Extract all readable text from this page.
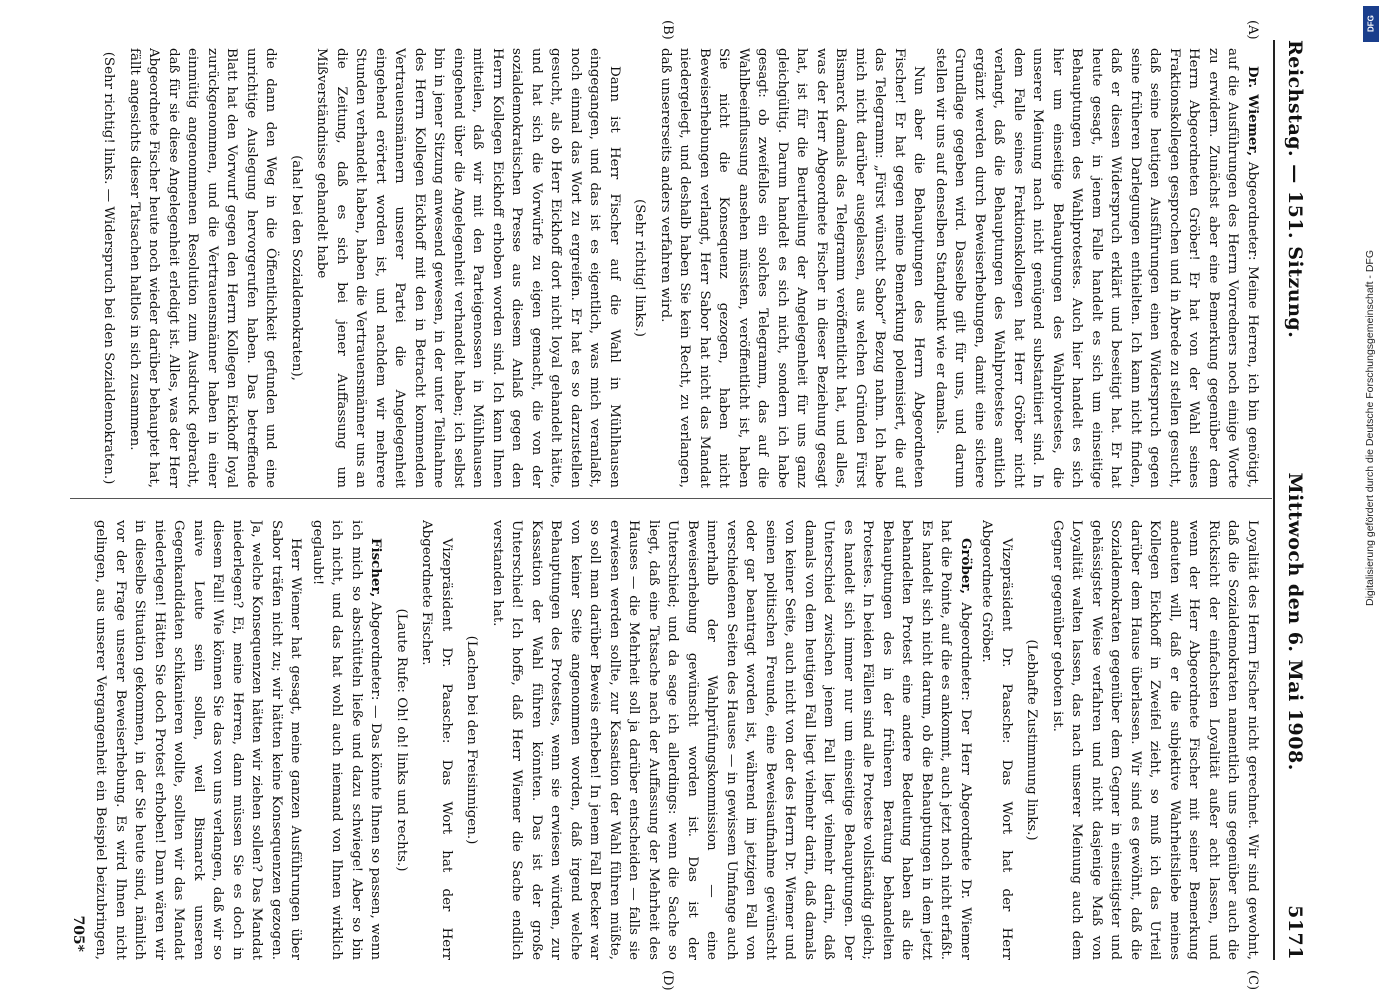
Reichstag. — 151. Sitzung.
Mittwoch den 6. Mai 1908.
5171
(A)
(B)
(C)
(D)

Dr. Wiemer, Abgeordneter: Meine Herren, ich bin genötigt, auf die Ausführungen des Herrn Vorredners noch einige Worte zu erwidern. Zunächst aber eine Bemerkung gegenüber dem Herrn Abgeordneten Gröber! Er hat von der Wahl seines Fraktionskollegen gesprochen und in Abrede zu stellen gesucht, daß seine heutigen Ausführungen einen Widerspruch gegen seine früheren Darlegungen enthielten. Ich kann nicht finden, daß er diesen Widerspruch erklärt und beseitigt hat. Er hat heute gesagt, in jenem Falle handelt es sich um einseitige Behauptungen des Wahlprotestes. Auch hier handelt es sich hier um einseitige Behauptungen des Wahlprotestes, die unserer Meinung nach nicht genügend substantiiert sind. In dem Falle seines Fraktionskollegen hat Herr Gröber nicht verlangt, daß die Behauptungen des Wahlprotestes amtlich ergänzt werden durch Beweiserhebungen, damit eine sichere Grundlage gegeben wird. Dasselbe gilt für uns, und darum stellen wir uns auf denselben Standpunkt wie er damals.

Nun aber die Behauptungen des Herrn Abgeordneten Fischer! Er hat gegen meine Bemerkung polemisiert, die auf das Telegramm: „Fürst wünscht Sabor“ Bezug nahm. Ich habe mich nicht darüber ausgelassen, aus welchen Gründen Fürst Bismarck damals das Telegramm veröffentlicht hat, und alles, was der Herr Abgeordnete Fischer in dieser Beziehung gesagt hat, ist für die Beurteilung der Angelegenheit für uns ganz gleichgültig. Darum handelt es sich nicht, sondern ich habe gesagt: ob zweifellos ein solches Telegramm, das auf die Wahlbeeinflussung ansehen müssten, veröffentlicht ist, haben Sie nicht die Konsequenz gezogen, haben nicht Beweiserhebungen verlangt, Herr Sabor hat nicht das Mandat niedergelegt, und deshalb haben Sie kein Recht, zu verlangen, daß unsererseits anders verfahren wird.

(Sehr richtig! links.)

Dann ist Herr Fischer auf die Wahl in Mühlhausen eingegangen, und das ist es eigentlich, was mich veranlaßt, noch einmal das Wort zu ergreifen. Er hat es so darzustellen gesucht, als ob Herr Eickhoff dort nicht loyal gehandelt hätte, und hat sich die Vorwürfe zu eigen gemacht, die von der sozialdemokratischen Presse aus diesem Anlaß gegen den Herrn Kollegen Eickhoff erhoben worden sind. Ich kann Ihnen mitteilen, daß wir mit den Parteigenossen in Mühlhausen eingehend über die Angelegenheit verhandelt haben; ich selbst bin in jener Sitzung anwesend gewesen, in der unter Teilnahme des Herrn Kollegen Eickhoff mit den in Betracht kommenden Vertrauensmännern unserer Partei die Angelegenheit eingehend erörtert worden ist, und nachdem wir mehrere Stunden verhandelt haben, haben die Vertrauensmänner uns an die Zeitung, daß es sich bei jener Auffassung um Mißverständnisse gehandelt habe

(aha! bei den Sozialdemokraten),

die dann den Weg in die Öffentlichkeit gefunden und eine unrichtige Auslegung hervorgerufen haben. Das betreffende Blatt hat den Vorwurf gegen den Herrn Kollegen Eickhoff loyal zurückgenommen, und die Vertrauensmänner haben in einer einmütig angenommenen Resolution zum Ausdruck gebracht, daß für sie diese Angelegenheit erledigt ist. Alles, was der Herr Abgeordnete Fischer heute noch wieder darüber behauptet hat, fällt angesichts dieser Tatsachen haltlos in sich zusammen.

(Sehr richtig! links. — Widerspruch bei den Sozialdemokraten.)

Loyalität des Herrn Fischer nicht gerechnet. Wir sind gewohnt, daß die Sozialdemokraten namentlich uns gegenüber auch die Rücksicht der einfachsten Loyalität außer acht lassen, und wenn der Herr Abgeordnete Fischer mit seiner Bemerkung andeuten will, daß er die subjektive Wahrheitsliebe meines Kollegen Eickhoff in Zweifel zieht, so muß ich das Urteil darüber dem Hause überlassen. Wir sind es gewöhnt, daß die Sozialdemokraten gegenüber dem Gegner in einseitigster und gehässigster Weise verfahren und nicht dasjenige Maß von Loyalität walten lassen, das nach unserer Meinung auch dem Gegner gegenüber geboten ist.

(Lebhafte Zustimmung links.)

Vizepräsident Dr. Paasche: Das Wort hat der Herr Abgeordnete Gröber.

Gröber, Abgeordneter: Der Herr Abgeordnete Dr. Wiemer hat die Pointe, auf die es ankommt, auch jetzt noch nicht erfaßt. Es handelt sich nicht darum, ob die Behauptungen in dem jetzt behandelten Protest eine andere Bedeutung haben als die Behauptungen des in der früheren Beratung behandelten Protestes. In beiden Fällen sind alle Proteste vollständig gleich; es handelt sich immer nur um einseitige Behauptungen. Der Unterschied zwischen jenem Fall liegt vielmehr darin, daß damals von dem heutigen Fall liegt vielmehr darin, daß damals von keiner Seite, auch nicht von der des Herrn Dr. Wiemer und seinen politischen Freunde, eine Beweisaufnahme gewünscht oder gar beantragt worden ist, während im jetzigen Fall von verschiedenen Seiten des Hauses — in gewissem Umfange auch innerhalb der Wahlprüfungskommission — eine Beweiserhebung gewünscht worden ist. Das ist der Unterschied; und da sage ich allerdings: wenn die Sache so liegt, daß eine Tatsache nach der Auffassung der Mehrheit des Hauses — die Mehrheit soll ja darüber entscheiden — falls sie erwiesen werden sollte, zur Kassation der Wahl führen müßte, so soll man darüber Beweis erheben! In jenem Fall Becker war von keiner Seite angenommen worden, daß irgend welche Behauptungen des Protestes, wenn sie erwiesen würden, zur Kassation der Wahl führen könnten. Das ist der große Unterschied! Ich hoffe, daß Herr Wiemer die Sache endlich verstanden hat.

(Lachen bei den Freisinnigen.)

Vizepräsident Dr. Paasche: Das Wort hat der Herr Abgeordnete Fischer.

(Laute Rufe: Oh! oh! links und rechts.)

Fischer, Abgeordneter: — Das könnte Ihnen so passen, wenn ich mich so abschütteln ließe und dazu schwiege! Aber so bin ich nicht, und das hat wohl auch niemand von Ihnen wirklich geglaubt!

Herr Wiemer hat gesagt, meine ganzen Ausführungen über Sabor träfen nicht zu; wir hätten keine Konsequenzen gezogen. Ja, welche Konsequenzen hätten wir ziehen sollen? Das Mandat niederlegen? Ei, meine Herren, dann müssen Sie es doch in diesem Fall! Wie können Sie das von uns verlangen, daß wir so naive Leute sein sollen, weil Bismarck unseren Gegenkandidaten schikanieren wollte, sollten wir das Mandat niederlegen! Hätten Sie doch Protest erhoben! Dann wären wir in dieselbe Situation gekommen, in der Sie heute sind, nämlich vor der Frage unserer Beweiserhebung. Es wird Ihnen nicht gelingen, aus unserer Vergangenheit ein Beispiel beizubringen,

705*
Digitalisierung gefördert durch die Deutsche Forschungsgemeinschaft - DFG
DFG
